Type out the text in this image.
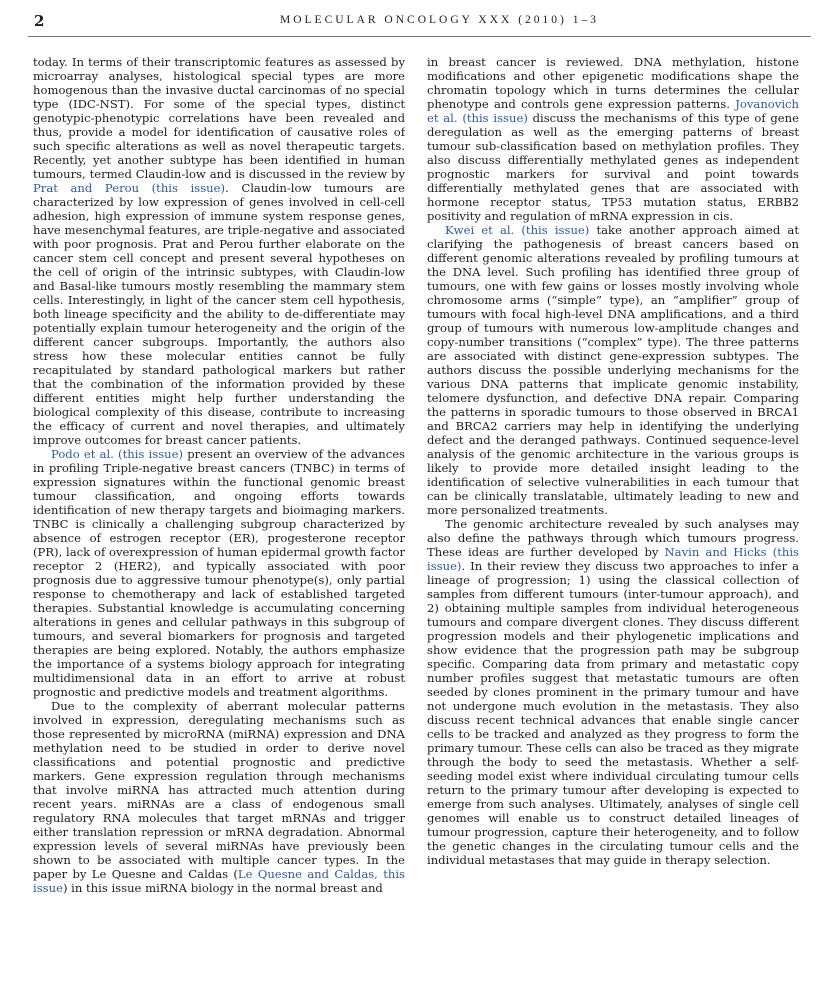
2	MOLECULAR ONCOLOGY XXX (2010) 1–3

today. In terms of their transcriptomic features as assessed by microarray analyses, histological special types are more homogenous than the invasive ductal carcinomas of no special type (IDC-NST). For some of the special types, distinct genotypic-phenotypic correlations have been revealed and thus, provide a model for identification of causative roles of such specific alterations as well as novel therapeutic targets. Recently, yet another subtype has been identified in human tumours, termed Claudin-low and is discussed in the review by Prat and Perou (this issue). Claudin-low tumours are characterized by low expression of genes involved in cell-cell adhesion, high expression of immune system response genes, have mesenchymal features, are triple-negative and associated with poor prognosis. Prat and Perou further elaborate on the cancer stem cell concept and present several hypotheses on the cell of origin of the intrinsic subtypes, with Claudin-low and Basal-like tumours mostly resembling the mammary stem cells. Interestingly, in light of the cancer stem cell hypothesis, both lineage specificity and the ability to de-differentiate may potentially explain tumour heterogeneity and the origin of the different cancer subgroups. Importantly, the authors also stress how these molecular entities cannot be fully recapitulated by standard pathological markers but rather that the combination of the information provided by these different entities might help further understanding the biological complexity of this disease, contribute to increasing the efficacy of current and novel therapies, and ultimately improve outcomes for breast cancer patients.

Podo et al. (this issue) present an overview of the advances in profiling Triple-negative breast cancers (TNBC) in terms of expression signatures within the functional genomic breast tumour classification, and ongoing efforts towards identification of new therapy targets and bioimaging markers. TNBC is clinically a challenging subgroup characterized by absence of estrogen receptor (ER), progesterone receptor (PR), lack of overexpression of human epidermal growth factor receptor 2 (HER2), and typically associated with poor prognosis due to aggressive tumour phenotype(s), only partial response to chemotherapy and lack of established targeted therapies. Substantial knowledge is accumulating concerning alterations in genes and cellular pathways in this subgroup of tumours, and several biomarkers for prognosis and targeted therapies are being explored. Notably, the authors emphasize the importance of a systems biology approach for integrating multidimensional data in an effort to arrive at robust prognostic and predictive models and treatment algorithms.

Due to the complexity of aberrant molecular patterns involved in expression, deregulating mechanisms such as those represented by microRNA (miRNA) expression and DNA methylation need to be studied in order to derive novel classifications and potential prognostic and predictive markers. Gene expression regulation through mechanisms that involve miRNA has attracted much attention during recent years. miRNAs are a class of endogenous small regulatory RNA molecules that target mRNAs and trigger either translation repression or mRNA degradation. Abnormal expression levels of several miRNAs have previously been shown to be associated with multiple cancer types. In the paper by Le Quesne and Caldas (Le Quesne and Caldas, this issue) in this issue miRNA biology in the normal breast and

in breast cancer is reviewed. DNA methylation, histone modifications and other epigenetic modifications shape the chromatin topology which in turns determines the cellular phenotype and controls gene expression patterns. Jovanovich et al. (this issue) discuss the mechanisms of this type of gene deregulation as well as the emerging patterns of breast tumour sub-classification based on methylation profiles. They also discuss differentially methylated genes as independent prognostic markers for survival and point towards differentially methylated genes that are associated with hormone receptor status, TP53 mutation status, ERBB2 positivity and regulation of mRNA expression in cis.

Kwei et al. (this issue) take another approach aimed at clarifying the pathogenesis of breast cancers based on different genomic alterations revealed by profiling tumours at the DNA level. Such profiling has identified three group of tumours, one with few gains or losses mostly involving whole chromosome arms (“simple” type), an “amplifier” group of tumours with focal high-level DNA amplifications, and a third group of tumours with numerous low-amplitude changes and copy-number transitions (“complex” type). The three patterns are associated with distinct gene-expression subtypes. The authors discuss the possible underlying mechanisms for the various DNA patterns that implicate genomic instability, telomere dysfunction, and defective DNA repair. Comparing the patterns in sporadic tumours to those observed in BRCA1 and BRCA2 carriers may help in identifying the underlying defect and the deranged pathways. Continued sequence-level analysis of the genomic architecture in the various groups is likely to provide more detailed insight leading to the identification of selective vulnerabilities in each tumour that can be clinically translatable, ultimately leading to new and more personalized treatments.

The genomic architecture revealed by such analyses may also define the pathways through which tumours progress. These ideas are further developed by Navin and Hicks (this issue). In their review they discuss two approaches to infer a lineage of progression; 1) using the classical collection of samples from different tumours (inter-tumour approach), and 2) obtaining multiple samples from individual heterogeneous tumours and compare divergent clones. They discuss different progression models and their phylogenetic implications and show evidence that the progression path may be subgroup specific. Comparing data from primary and metastatic copy number profiles suggest that metastatic tumours are often seeded by clones prominent in the primary tumour and have not undergone much evolution in the metastasis. They also discuss recent technical advances that enable single cancer cells to be tracked and analyzed as they progress to form the primary tumour. These cells can also be traced as they migrate through the body to seed the metastasis. Whether a self-seeding model exist where individual circulating tumour cells return to the primary tumour after developing is expected to emerge from such analyses. Ultimately, analyses of single cell genomes will enable us to construct detailed lineages of tumour progression, capture their heterogeneity, and to follow the genetic changes in the circulating tumour cells and the individual metastases that may guide in therapy selection.
